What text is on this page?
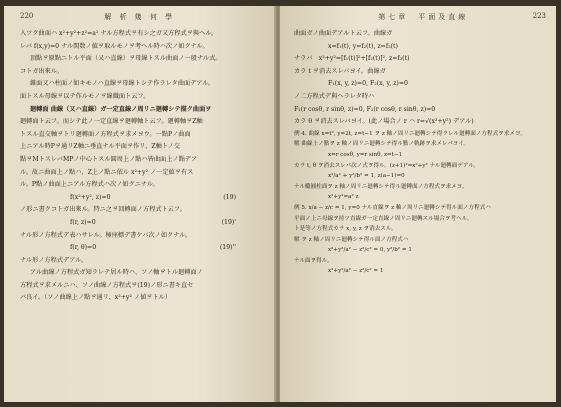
220	解 析 幾 何 學
入ツク曲面ハ x²+y²+z²=a² ナル方程式ヲ有シ之ガ又方程式ヲ與ヘル。
レバ f(x,y)=0 ナル関数ノ値ヲ取ルモノヲ考ヘル時ハ次ノ如クナル。
頂點ヲ原點ニトル平面（又ハ直線）ヲ母線トスル曲面ノ一般ナル式。
コトガ出來ル。
錐面又ハ柱面ノ如キモノハ直線ヲ母線トシテ作ラレタ曲面デアル。
面トスル母線ヲ以テ作ルモノヲ線織面ト云フ。
廻轉面 曲線（又ハ直線）ガ一定直線ノ周リニ廻轉シテ描ク曲面ヲ
廻轉面ト云フ。而シテ此ノ一定直線ヲ廻轉軸ト云フ。廻轉軸ヲZ軸
トスル直交軸ヲトリ廻轉面ノ方程式ヲ求メヨウ。一點Pノ曲面
上ニアル時Pヲ通リZ軸ニ垂直ナル平面ヲ作リ、Z軸トノ交
點ヲMトスレバMPノ中心トスル圓周上ノ點ハ皆曲面上ノ點デア
ル。故ニ曲面上ノ點ハ、Z上ノ點ニ依ル x²+y² ノ一定値ヲ有ス
ル。P點ノ曲面上ニアル方程式ハ次ノ如クニナル。
f(x²+y², z)=0	(19)
ノ形ニ書クコトガ出來ル。特ニ之ヲ回轉面ノ方程式ト云フ。
f(r, z)=0	(19)'
ナル形ノ方程式デ表ハサレル。極座標デ書ケバ次ノ如クナル。
f(r, θ)=0	(19)''
ナル形ノ方程式デアル。
アル曲線ノ方程式ガ知ラレテ居ル時ハ、ソノ軸ヲトル廻轉面ノ
方程式ヲ求メルニハ、ソノ曲線ノ方程式ヲ(19)ノ形ニ書キ直セ
バ良イ。（ソノ曲線上ノ點ヲ通リ、x²+y² ノ値ヲトル）
第七章　平面及直線	223
曲面ガノ曲面デアルト云フ。曲線ガ
x=f₁(t), y=f₂(t), z=f₃(t)
ナラバ　x²+y²=[f₁(t)]²+[f₂(t)]², z=f₃(t)
カラ t ヲ消去スレバヨイ。曲線ガ
F₁(x, y, z)=0, F₂(x, y, z)=0
ノ二方程式デ與ヘラレタ時ハ
F₁(r cosθ, r sinθ, z)=0, F₂(r cosθ, r sinθ, z)=0
カラ θ ヲ消去スレバヨイ。(此ノ場合ノ r ハ r=√(x²+y²) デアル)
例 4. 曲線 x=t², y=2t, z=t−1 ヲ z 軸ノ周リニ廻轉シテ得ラレル廻轉面ノ方程式ヲ求メヨ。
解 曲線上ノ點ヲ z 軸ノ周リニ廻轉シテ得ル點ノ軌跡ヲ求メレバヨイ。
x=r cosθ, y=r sinθ, z=t−1
カラ t, θ ヲ消去スレバ次ノ式ヲ得ル。(z+1)²=x²+y² ナル廻轉面デアル。
x²/a² + y²/b² = 1, z(a−1)=0
ナル橢圓柱面ヲ z 軸ノ周リニ廻轉シテ得ル廻轉面ノ方程式ヲ求メヨ。
x²+y²=a² z
例 5. x/a − z/c = 1, y=0 ナル直線ヲ z 軸ノ周リニ廻轉シテ得ル面ノ方程式ハ
平面ノ上ニ母線ヲ持ツ直線ガ一定直線ノ周リニ廻轉スル場合ヲ考ヘル。
ト是等ノ方程式カラ x, y, z ヲ消去スル。
解 ヲ z 軸ノ周リニ廻轉シテ得ル面ノ方程式ハ
x²+y²/a² − z²/c² = 0, y²/b² = 1
ナル面ヲ得ル。
x²+y²/a² − z²/c² = 1
